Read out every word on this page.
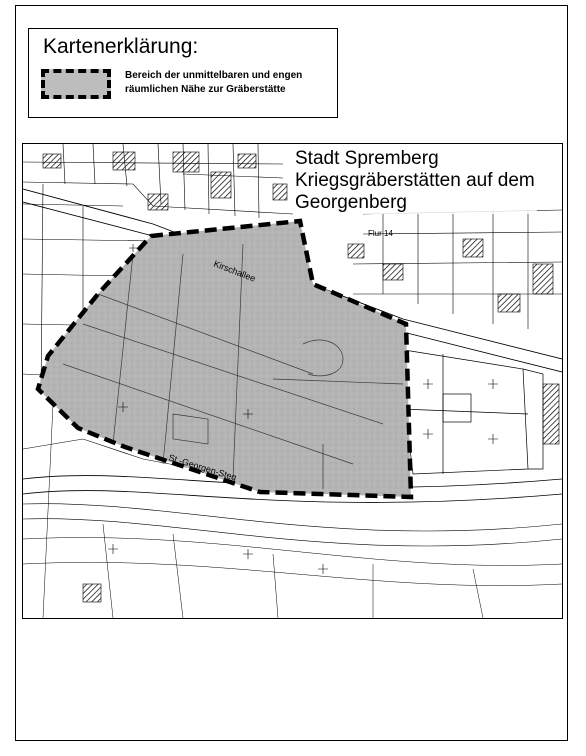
Kartenerklärung:
Bereich der unmittelbaren und engen
räumlichen Nähe zur Gräberstätte
Kirschallee
St.-Georgen-Steg
Flur 14
Stadt Spremberg
Kriegsgräberstätten auf dem
Georgenberg
